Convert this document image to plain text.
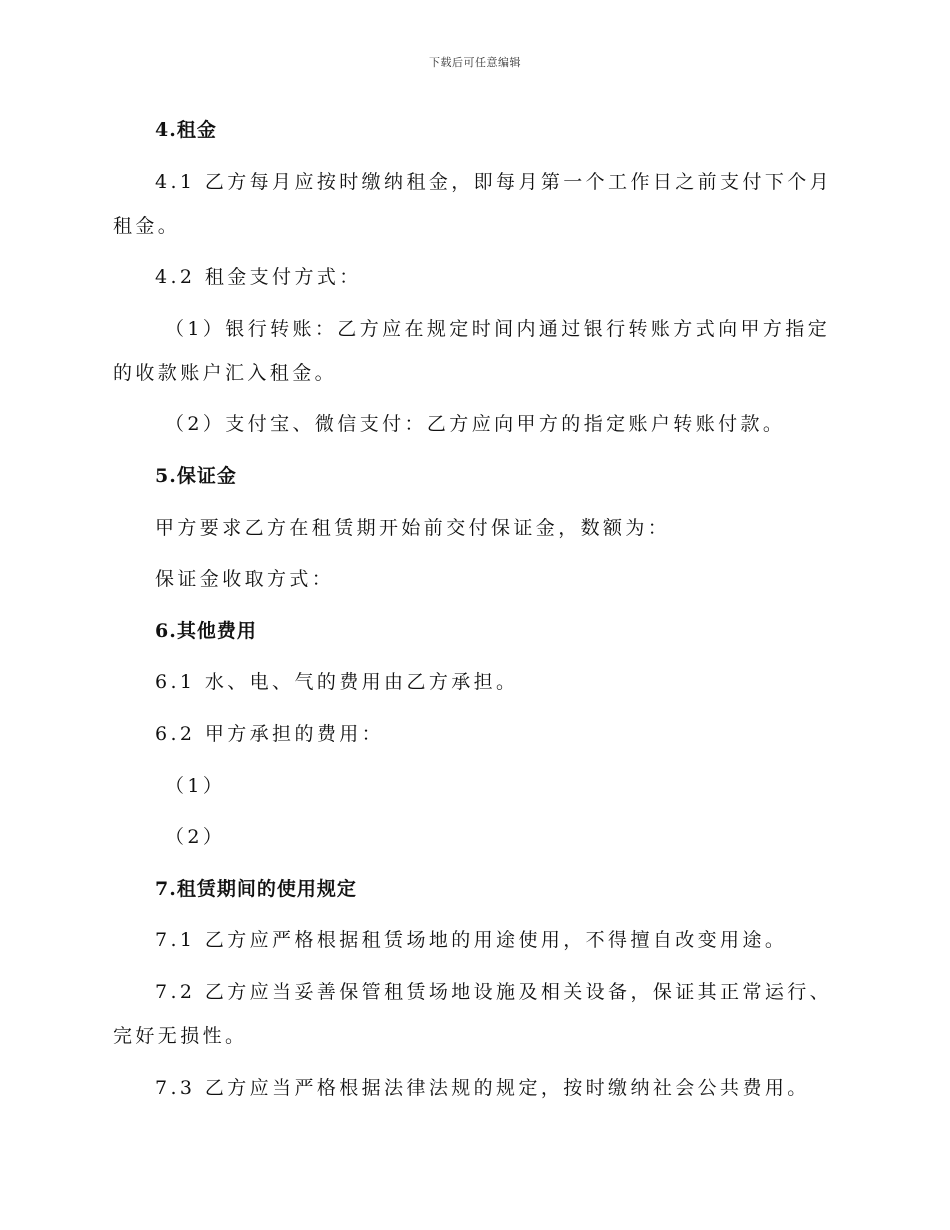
下载后可任意编辑

4.租金

4.1 乙方每月应按时缴纳租金，即每月第一个工作日之前支付下个月租金。

4.2 租金支付方式：

（1）银行转账：乙方应在规定时间内通过银行转账方式向甲方指定的收款账户汇入租金。

（2）支付宝、微信支付：乙方应向甲方的指定账户转账付款。

5.保证金

甲方要求乙方在租赁期开始前交付保证金，数额为：

保证金收取方式：

6.其他费用

6.1 水、电、气的费用由乙方承担。

6.2 甲方承担的费用：

（1）

（2）

7.租赁期间的使用规定

7.1 乙方应严格根据租赁场地的用途使用，不得擅自改变用途。

7.2 乙方应当妥善保管租赁场地设施及相关设备，保证其正常运行、完好无损性。

7.3 乙方应当严格根据法律法规的规定，按时缴纳社会公共费用。
